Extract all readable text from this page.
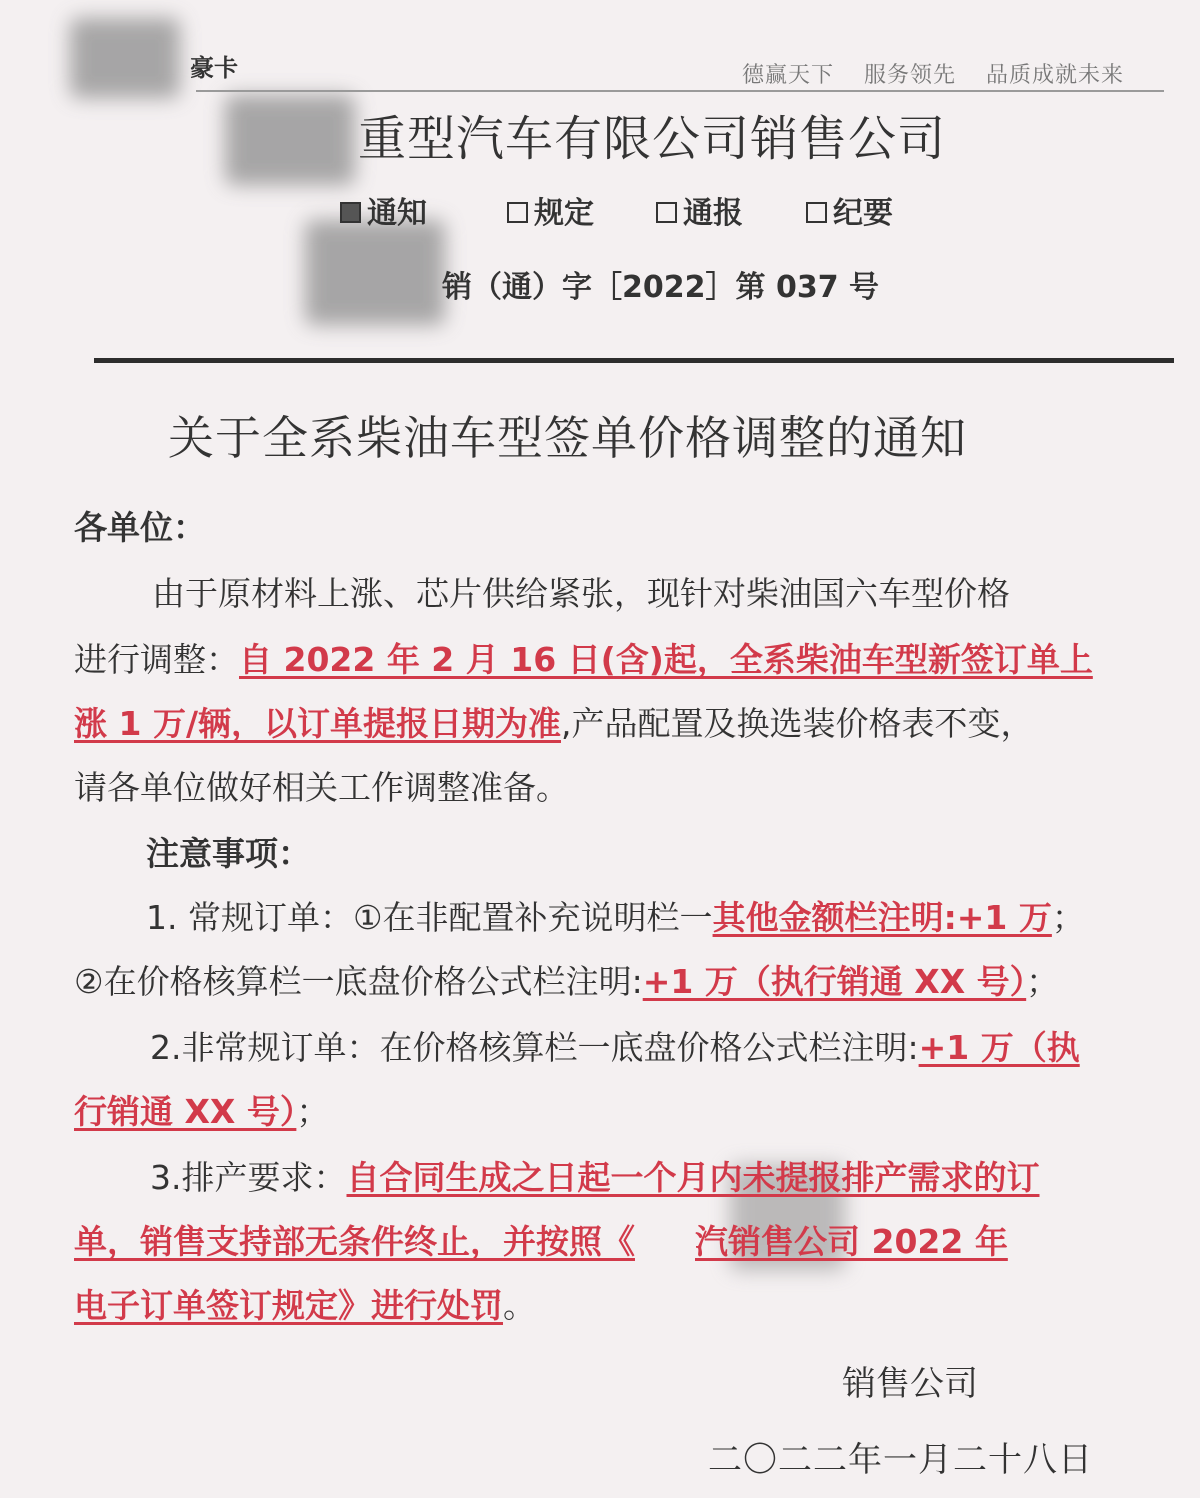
豪卡	德赢天下 服务领先 品质成就未来
重型汽车有限公司销售公司
通知	规定	通报	纪要
销（通）字［2022］第 037 号
关于全系柴油车型签单价格调整的通知
各单位：
由于原材料上涨、芯片供给紧张，现针对柴油国六车型价格
进行调整：自 2022 年 2 月 16 日(含)起，全系柴油车型新签订单上
涨 1 万/辆，以订单提报日期为准,产品配置及换选装价格表不变，
请各单位做好相关工作调整准备。
注意事项：
1. 常规订单：①在非配置补充说明栏一其他金额栏注明:+1 万；
②在价格核算栏一底盘价格公式栏注明:+1 万（执行销通 XX 号）；
2.非常规订单：在价格核算栏一底盘价格公式栏注明:+1 万（执
行销通 XX 号）；
3.排产要求：自合同生成之日起一个月内未提报排产需求的订
单，销售支持部无条件终止，并按照《 汽销售公司 2022 年
电子订单签订规定》进行处罚。
销售公司
二〇二二年一月二十八日
